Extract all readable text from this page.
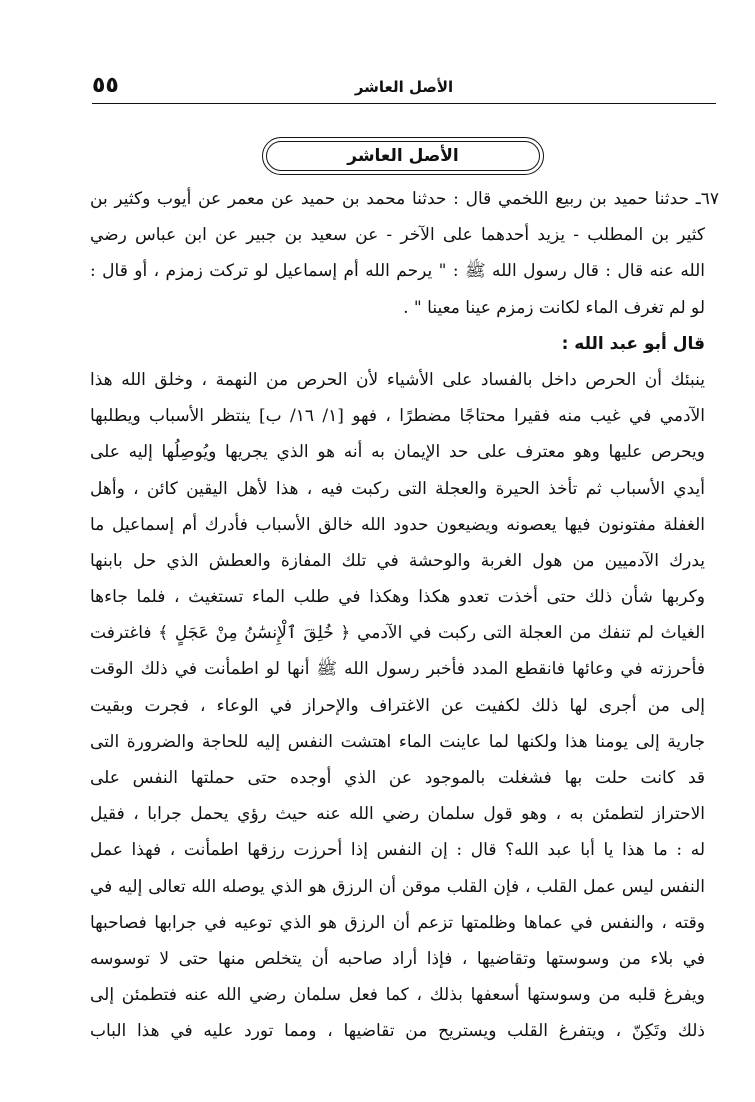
٥٥	الأصل العاشر
الأصل العاشر
٦٧ـ حدثنا حميد بن ربيع اللخمي قال : حدثنا محمد بن حميد عن معمر عن أيوب وكثير بن
كثير بن المطلب - يزيد أحدهما على الآخر - عن سعيد بن جبير عن ابن عباس رضي
الله عنه قال : قال رسول الله ﷺ : " يرحم الله أم إسماعيل لو تركت زمزم ، أو قال :
لو لم تغرف الماء لكانت زمزم عينا معينا " .
قال أبو عبد الله :
ينبئك أن الحرص داخل بالفساد على الأشياء لأن الحرص من النهمة ، وخلق الله هذا
الآدمي في غيب منه فقيرا محتاجًا مضطرًا ، فهو [١/ ١٦/ ب] ينتظر الأسباب ويطلبها
ويحرص عليها وهو معترف على حد الإيمان به أنه هو الذي يجريها ويُوصِلُها إليه على
أيدي الأسباب ثم تأخذ الحيرة والعجلة التى ركبت فيه ، هذا لأهل اليقين كائن ، وأهل
الغفلة مفتونون فيها يعصونه ويضيعون حدود الله خالق الأسباب فأدرك أم إسماعيل ما
يدرك الآدميين من هول الغربة والوحشة في تلك المفازة والعطش الذي حل بابنها
وكربها شأن ذلك حتى أخذت تعدو هكذا وهكذا في طلب الماء تستغيث ، فلما جاءها
الغياث لم تنفك من العجلة التى ركبت في الآدمي ﴿ خُلِقَ ٱلْإِنسَٰنُ مِنْ عَجَلٍ ﴾ فاغترفت
فأحرزته في وعائها فانقطع المدد فأخبر رسول الله ﷺ أنها لو اطمأنت في ذلك الوقت
إلى من أجرى لها ذلك لكفيت عن الاغتراف والإحراز في الوعاء ، فجرت وبقيت
جارية إلى يومنا هذا ولكنها لما عاينت الماء اهتشت النفس إليه للحاجة والضرورة التى
قد كانت حلت بها فشغلت بالموجود عن الذي أوجده حتى حملتها النفس على
الاحتراز لتطمئن به ، وهو قول سلمان رضي الله عنه حيث رؤي يحمل جرابا ، فقيل
له : ما هذا يا أبا عبد الله؟ قال : إن النفس إذا أحرزت رزقها اطمأنت ، فهذا عمل
النفس ليس عمل القلب ، فإن القلب موقن أن الرزق هو الذي يوصله الله تعالى إليه في
وقته ، والنفس في عماها وظلمتها تزعم أن الرزق هو الذي توعيه في جرابها فصاحبها
في بلاء من وسوستها وتقاضيها ، فإذا أراد صاحبه أن يتخلص منها حتى لا توسوسه
ويفرغ قلبه من وسوستها أسعفها بذلك ، كما فعل سلمان رضي الله عنه فتطمئن إلى
ذلك وتَكِنّ ، ويتفرغ القلب ويستريح من تقاضيها ، ومما تورد عليه في هذا الباب
